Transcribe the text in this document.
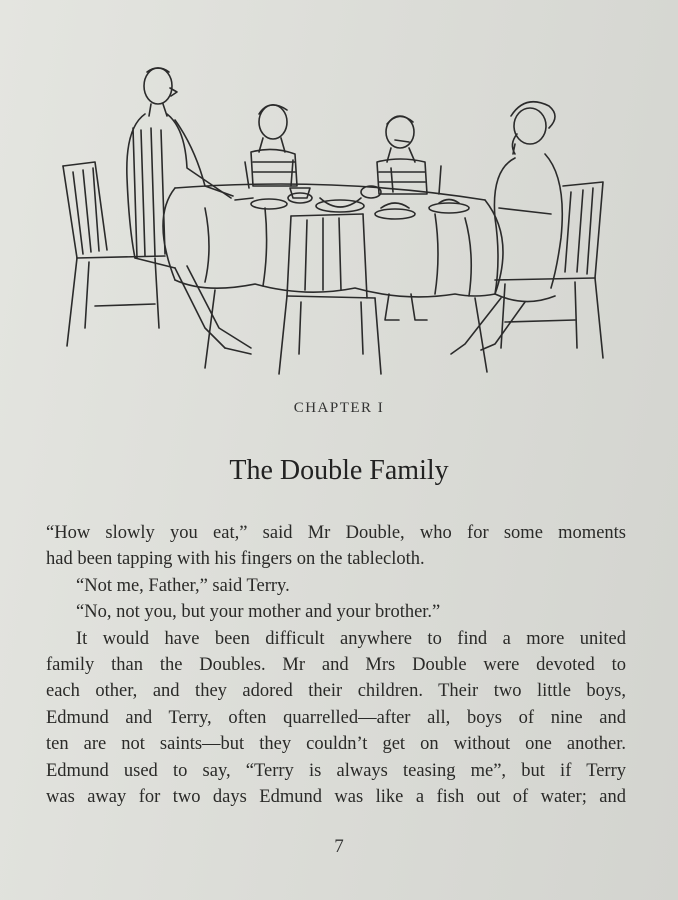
CHAPTER I
The Double Family
“How slowly you eat,” said Mr Double, who for some moments
had been tapping with his fingers on the tablecloth.
“Not me, Father,” said Terry.
“No, not you, but your mother and your brother.”
It would have been difficult anywhere to find a more united
family than the Doubles. Mr and Mrs Double were devoted to
each other, and they adored their children. Their two little boys,
Edmund and Terry, often quarrelled—after all, boys of nine and
ten are not saints—but they couldn’t get on without one another.
Edmund used to say, “Terry is always teasing me”, but if Terry
was away for two days Edmund was like a fish out of water; and
7
